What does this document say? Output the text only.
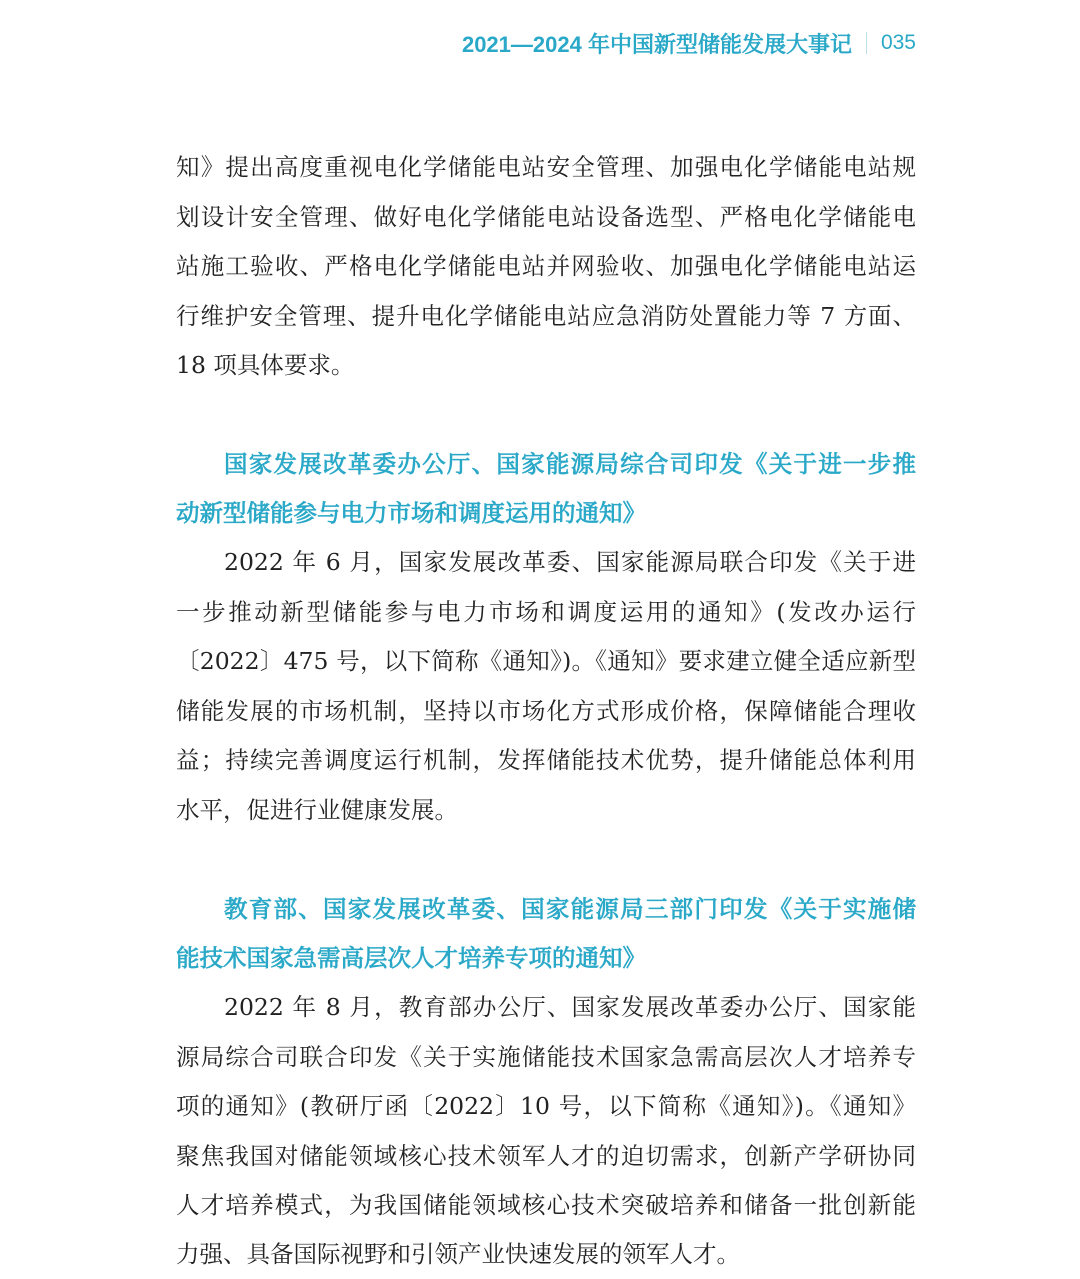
2021—2024 年中国新型储能发展大事记 035
知》提出高度重视电化学储能电站安全管理、加强电化学储能电站规
划设计安全管理、做好电化学储能电站设备选型、严格电化学储能电
站施工验收、严格电化学储能电站并网验收、加强电化学储能电站运
行维护安全管理、提升电化学储能电站应急消防处置能力等 7 方面、
18 项具体要求。
国家发展改革委办公厅、国家能源局综合司印发《关于进一步推
动新型储能参与电力市场和调度运用的通知》
2022 年 6 月，国家发展改革委、国家能源局联合印发《关于进
一步推动新型储能参与电力市场和调度运用的通知》(发改办运行
〔2022〕475 号，以下简称《通知》)。《通知》要求建立健全适应新型
储能发展的市场机制，坚持以市场化方式形成价格，保障储能合理收
益；持续完善调度运行机制，发挥储能技术优势，提升储能总体利用
水平，促进行业健康发展。
教育部、国家发展改革委、国家能源局三部门印发《关于实施储
能技术国家急需高层次人才培养专项的通知》
2022 年 8 月，教育部办公厅、国家发展改革委办公厅、国家能
源局综合司联合印发《关于实施储能技术国家急需高层次人才培养专
项的通知》(教研厅函〔2022〕10 号，以下简称《通知》)。《通知》
聚焦我国对储能领域核心技术领军人才的迫切需求，创新产学研协同
人才培养模式，为我国储能领域核心技术突破培养和储备一批创新能
力强、具备国际视野和引领产业快速发展的领军人才。
